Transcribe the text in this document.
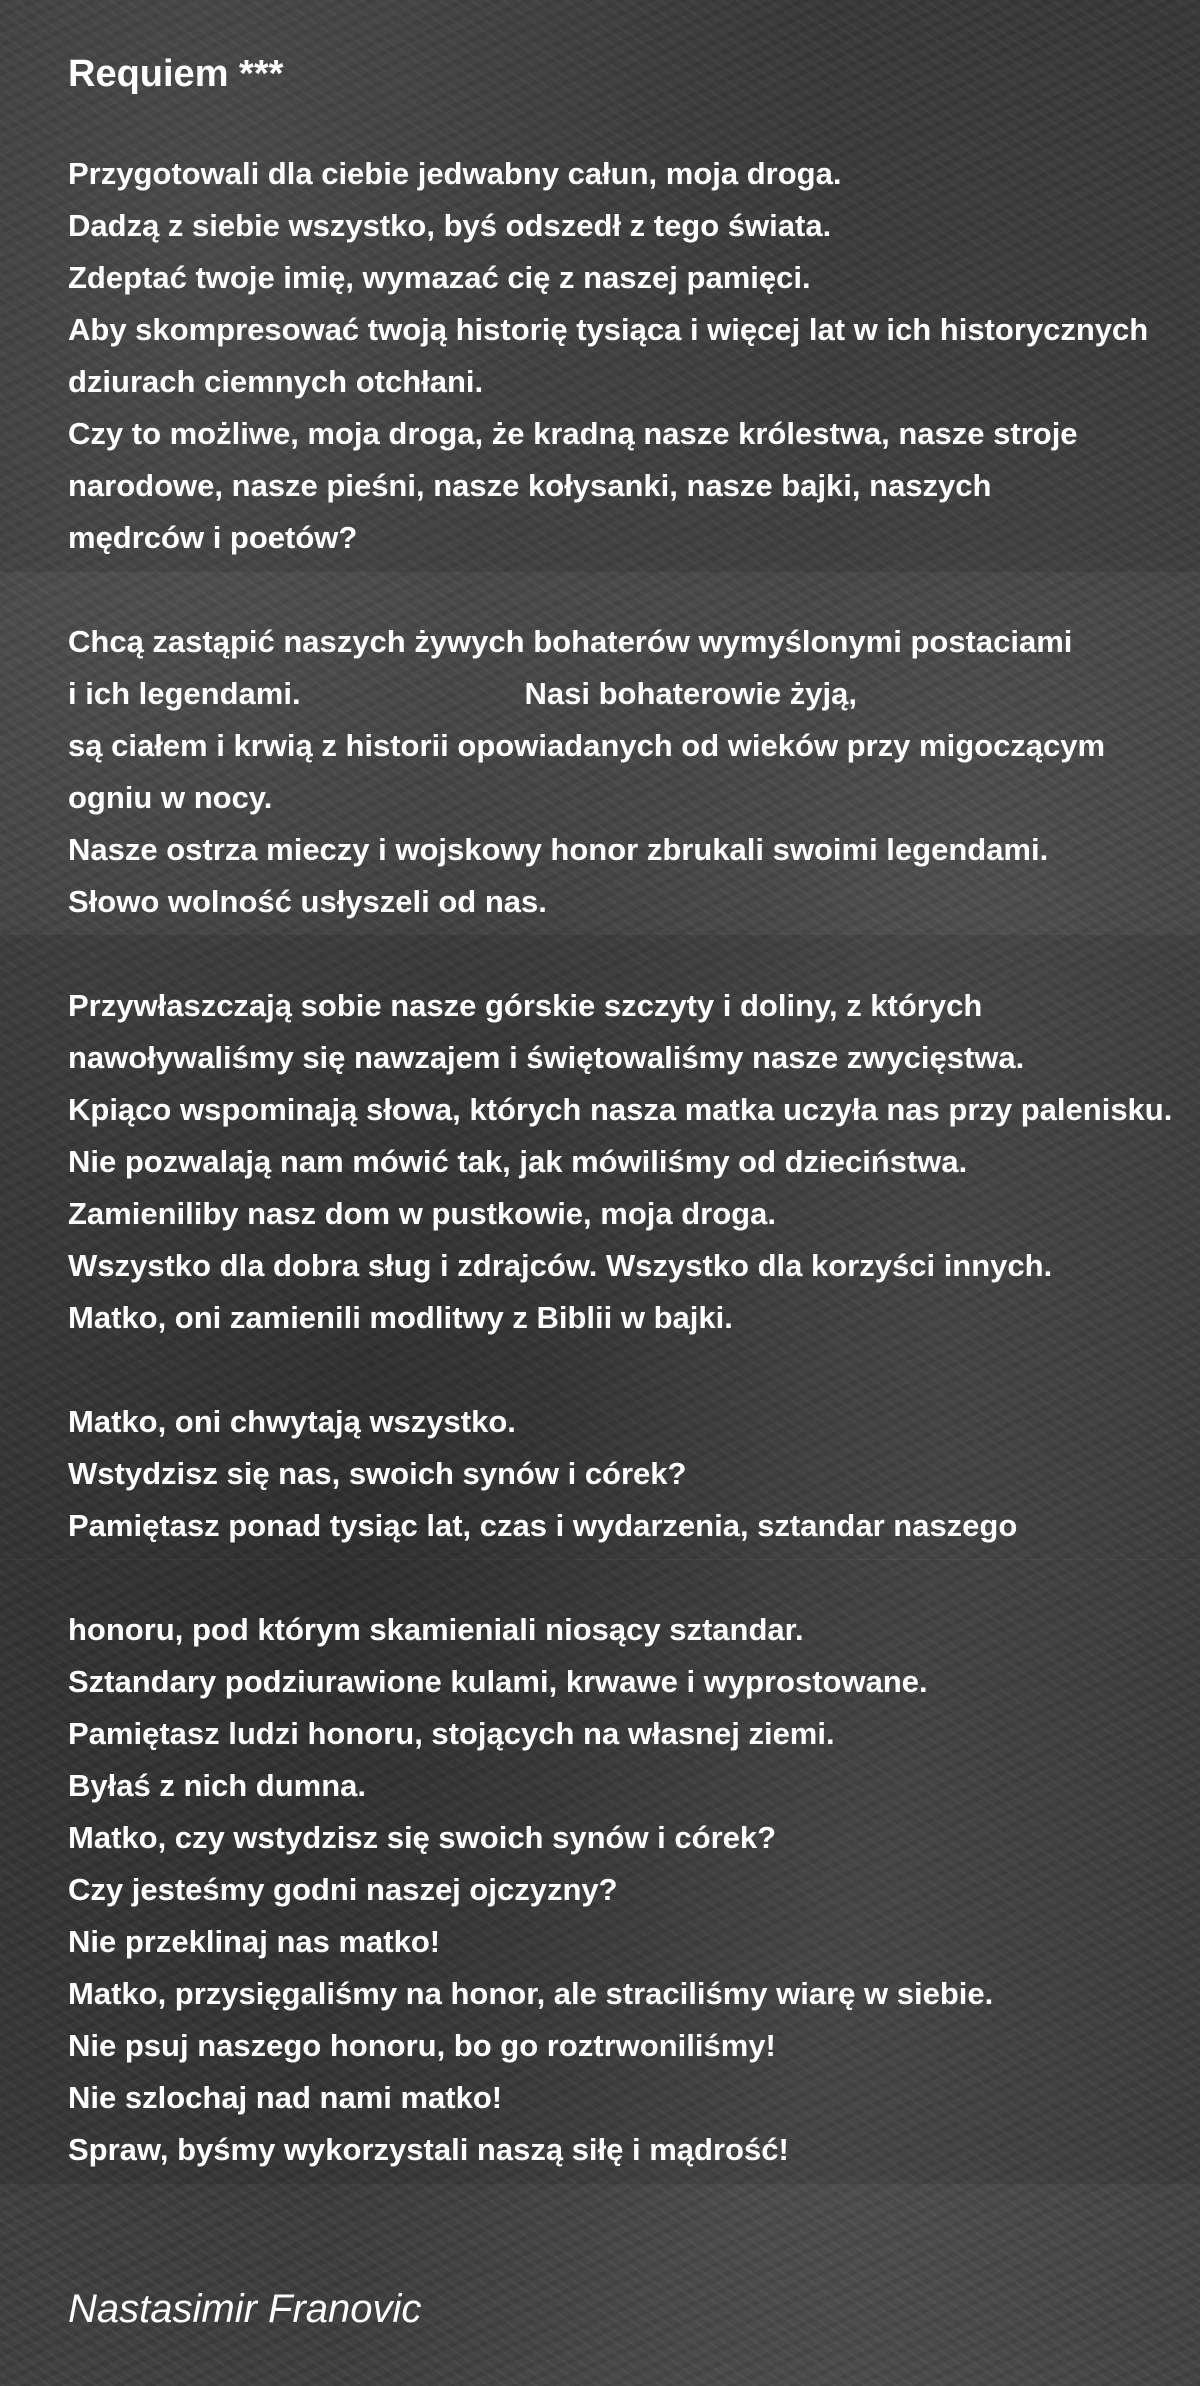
Requiem ***
Przygotowali dla ciebie jedwabny całun, moja droga.
Dadzą z siebie wszystko, byś odszedł z tego świata.
Zdeptać twoje imię, wymazać cię z naszej pamięci.
Aby skompresować twoją historię tysiąca i więcej lat w ich historycznych
dziurach ciemnych otchłani.
Czy to możliwe, moja droga, że kradną nasze królestwa, nasze stroje
narodowe, nasze pieśni, nasze kołysanki, nasze bajki, naszych
mędrców i poetów?
Chcą zastąpić naszych żywych bohaterów wymyślonymi postaciami
i ich legendami.                          Nasi bohaterowie żyją,
są ciałem i krwią z historii opowiadanych od wieków przy migoczącym
ogniu w nocy.
Nasze ostrza mieczy i wojskowy honor zbrukali swoimi legendami.
Słowo wolność usłyszeli od nas.
Przywłaszczają sobie nasze górskie szczyty i doliny, z których
nawoływaliśmy się nawzajem i świętowaliśmy nasze zwycięstwa.
Kpiąco wspominają słowa, których nasza matka uczyła nas przy palenisku.
Nie pozwalają nam mówić tak, jak mówiliśmy od dzieciństwa.
Zamieniliby nasz dom w pustkowie, moja droga.
Wszystko dla dobra sług i zdrajców. Wszystko dla korzyści innych.
Matko, oni zamienili modlitwy z Biblii w bajki.
Matko, oni chwytają wszystko.
Wstydzisz się nas, swoich synów i córek?
Pamiętasz ponad tysiąc lat, czas i wydarzenia, sztandar naszego
honoru, pod którym skamieniali niosący sztandar.
Sztandary podziurawione kulami, krwawe i wyprostowane.
Pamiętasz ludzi honoru, stojących na własnej ziemi.
Byłaś z nich dumna.
Matko, czy wstydzisz się swoich synów i córek?
Czy jesteśmy godni naszej ojczyzny?
Nie przeklinaj nas matko!
Matko, przysięgaliśmy na honor, ale straciliśmy wiarę w siebie.
Nie psuj naszego honoru, bo go roztrwoniliśmy!
Nie szlochaj nad nami matko!
Spraw, byśmy wykorzystali naszą siłę i mądrość!
Nastasimir Franovic
